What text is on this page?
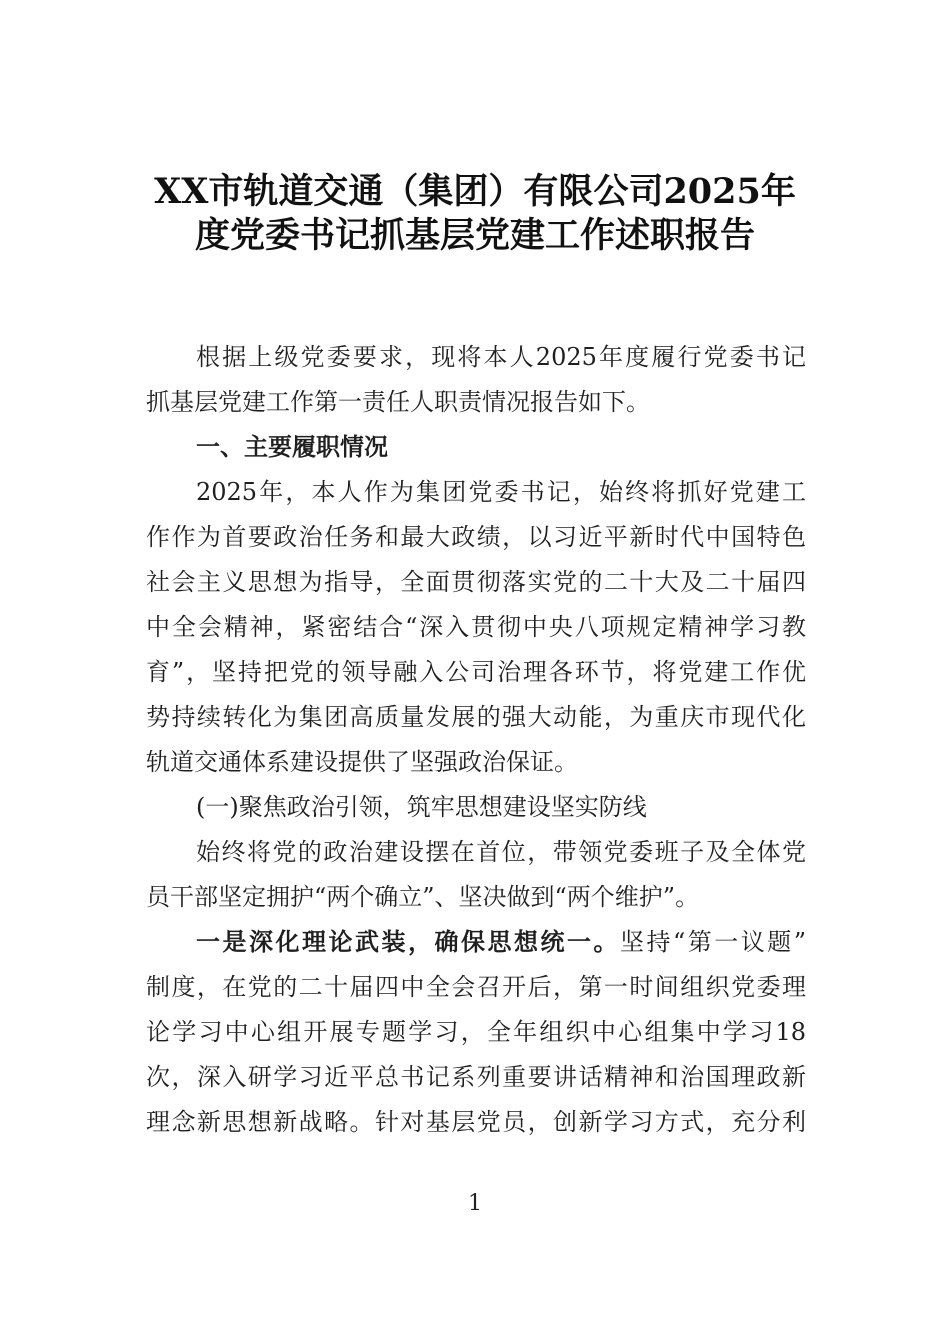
XX市轨道交通（集团）有限公司2025年
度党委书记抓基层党建工作述职报告
根据上级党委要求，现将本人2025年度履行党委书记
抓基层党建工作第一责任人职责情况报告如下。
一、主要履职情况
2025年，本人作为集团党委书记，始终将抓好党建工
作作为首要政治任务和最大政绩，以习近平新时代中国特色
社会主义思想为指导，全面贯彻落实党的二十大及二十届四
中全会精神，紧密结合“深入贯彻中央八项规定精神学习教
育”，坚持把党的领导融入公司治理各环节，将党建工作优
势持续转化为集团高质量发展的强大动能，为重庆市现代化
轨道交通体系建设提供了坚强政治保证。
(一)聚焦政治引领，筑牢思想建设坚实防线
始终将党的政治建设摆在首位，带领党委班子及全体党
员干部坚定拥护“两个确立”、坚决做到“两个维护”。
一是深化理论武装，确保思想统一。坚持“第一议题”
制度，在党的二十届四中全会召开后，第一时间组织党委理
论学习中心组开展专题学习，全年组织中心组集中学习18
次，深入研学习近平总书记系列重要讲话精神和治国理政新
理念新思想新战略。针对基层党员，创新学习方式，充分利
1
